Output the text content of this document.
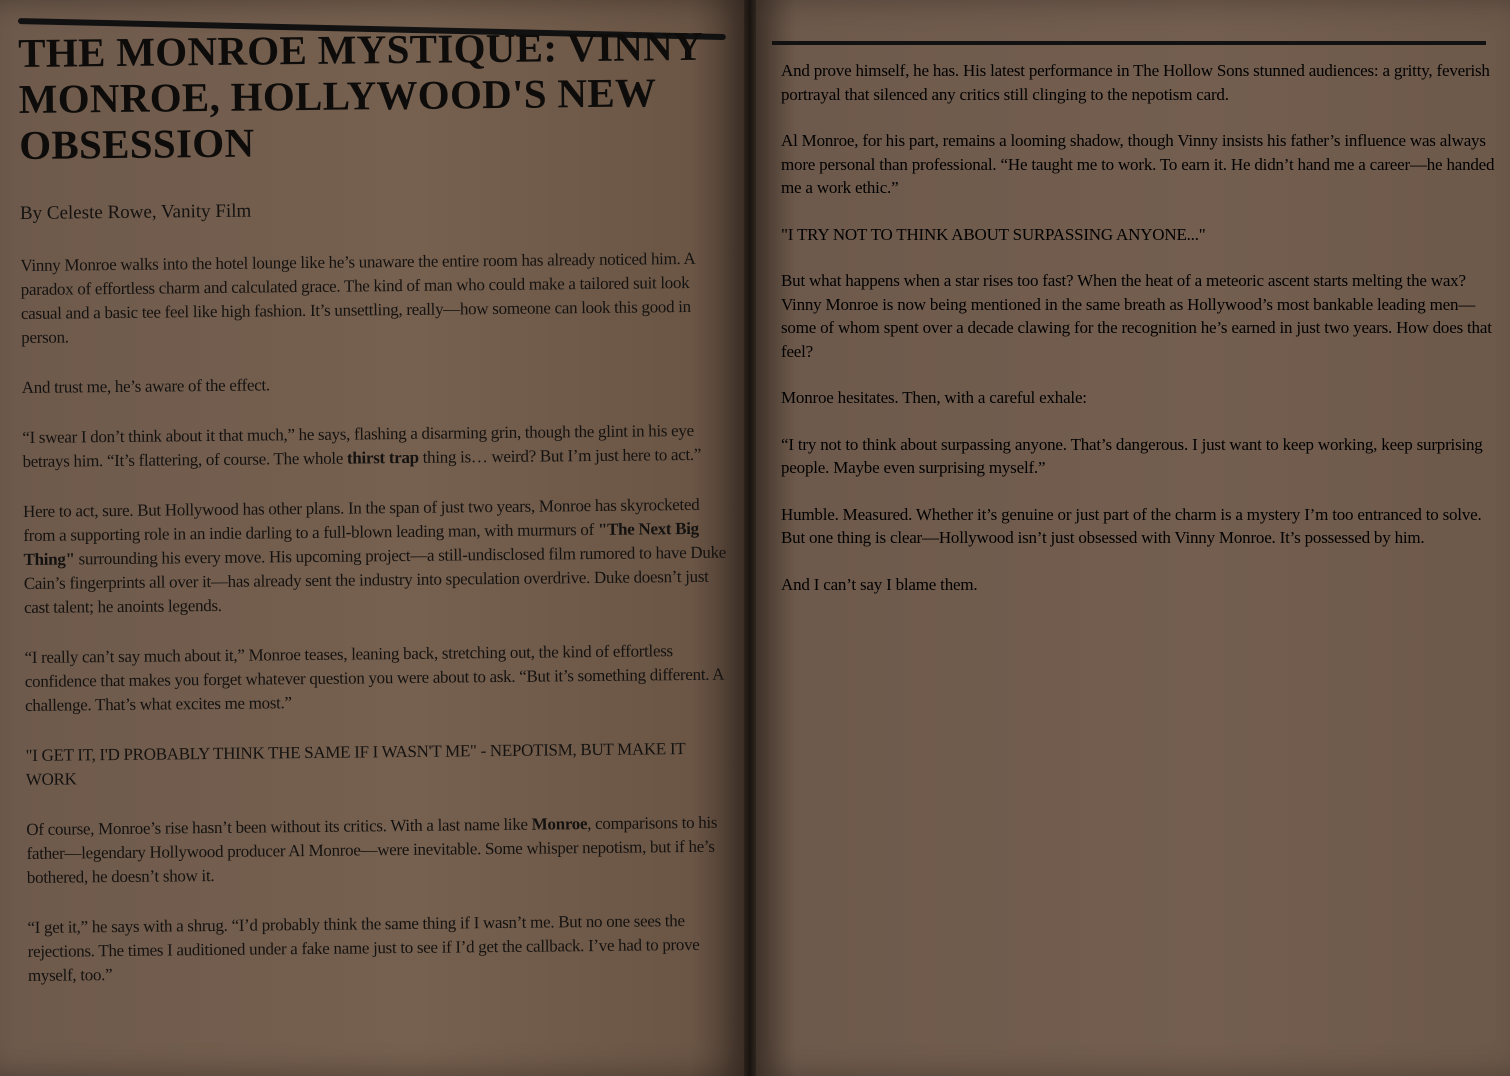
THE MONROE MYSTIQUE: VINNY MONROE, HOLLYWOOD'S NEW OBSESSION
By Celeste Rowe, Vanity Film

Vinny Monroe walks into the hotel lounge like he’s unaware the entire room has already noticed him. A paradox of effortless charm and calculated grace. The kind of man who could make a tailored suit look casual and a basic tee feel like high fashion. It’s unsettling, really—how someone can look this good in person.

And trust me, he’s aware of the effect.

“I swear I don’t think about it that much,” he says, flashing a disarming grin, though the glint in his eye betrays him. “It’s flattering, of course. The whole thirst trap thing is… weird? But I’m just here to act.”

Here to act, sure. But Hollywood has other plans. In the span of just two years, Monroe has skyrocketed from a supporting role in an indie darling to a full-blown leading man, with murmurs of "The Next Big Thing" surrounding his every move. His upcoming project—a still-undisclosed film rumored to have Duke Cain’s fingerprints all over it—has already sent the industry into speculation overdrive. Duke doesn’t just cast talent; he anoints legends.

“I really can’t say much about it,” Monroe teases, leaning back, stretching out, the kind of effortless confidence that makes you forget whatever question you were about to ask. “But it’s something different. A challenge. That’s what excites me most.”

"I GET IT, I'D PROBABLY THINK THE SAME IF I WASN'T ME" - NEPOTISM, BUT MAKE IT WORK

Of course, Monroe’s rise hasn’t been without its critics. With a last name like Monroe, comparisons to his father—legendary Hollywood producer Al Monroe—were inevitable. Some whisper nepotism, but if he’s bothered, he doesn’t show it.

“I get it,” he says with a shrug. “I’d probably think the same thing if I wasn’t me. But no one sees the rejections. The times I auditioned under a fake name just to see if I’d get the callback. I’ve had to prove myself, too.”

And prove himself, he has. His latest performance in The Hollow Sons stunned audiences: a gritty, feverish portrayal that silenced any critics still clinging to the nepotism card.

Al Monroe, for his part, remains a looming shadow, though Vinny insists his father’s influence was always more personal than professional. “He taught me to work. To earn it. He didn’t hand me a career—he handed me a work ethic.”

"I TRY NOT TO THINK ABOUT SURPASSING ANYONE..."

But what happens when a star rises too fast? When the heat of a meteoric ascent starts melting the wax? Vinny Monroe is now being mentioned in the same breath as Hollywood’s most bankable leading men—some of whom spent over a decade clawing for the recognition he’s earned in just two years. How does that feel?

Monroe hesitates. Then, with a careful exhale:

“I try not to think about surpassing anyone. That’s dangerous. I just want to keep working, keep surprising people. Maybe even surprising myself.”

Humble. Measured. Whether it’s genuine or just part of the charm is a mystery I’m too entranced to solve. But one thing is clear—Hollywood isn’t just obsessed with Vinny Monroe. It’s possessed by him.

And I can’t say I blame them.
